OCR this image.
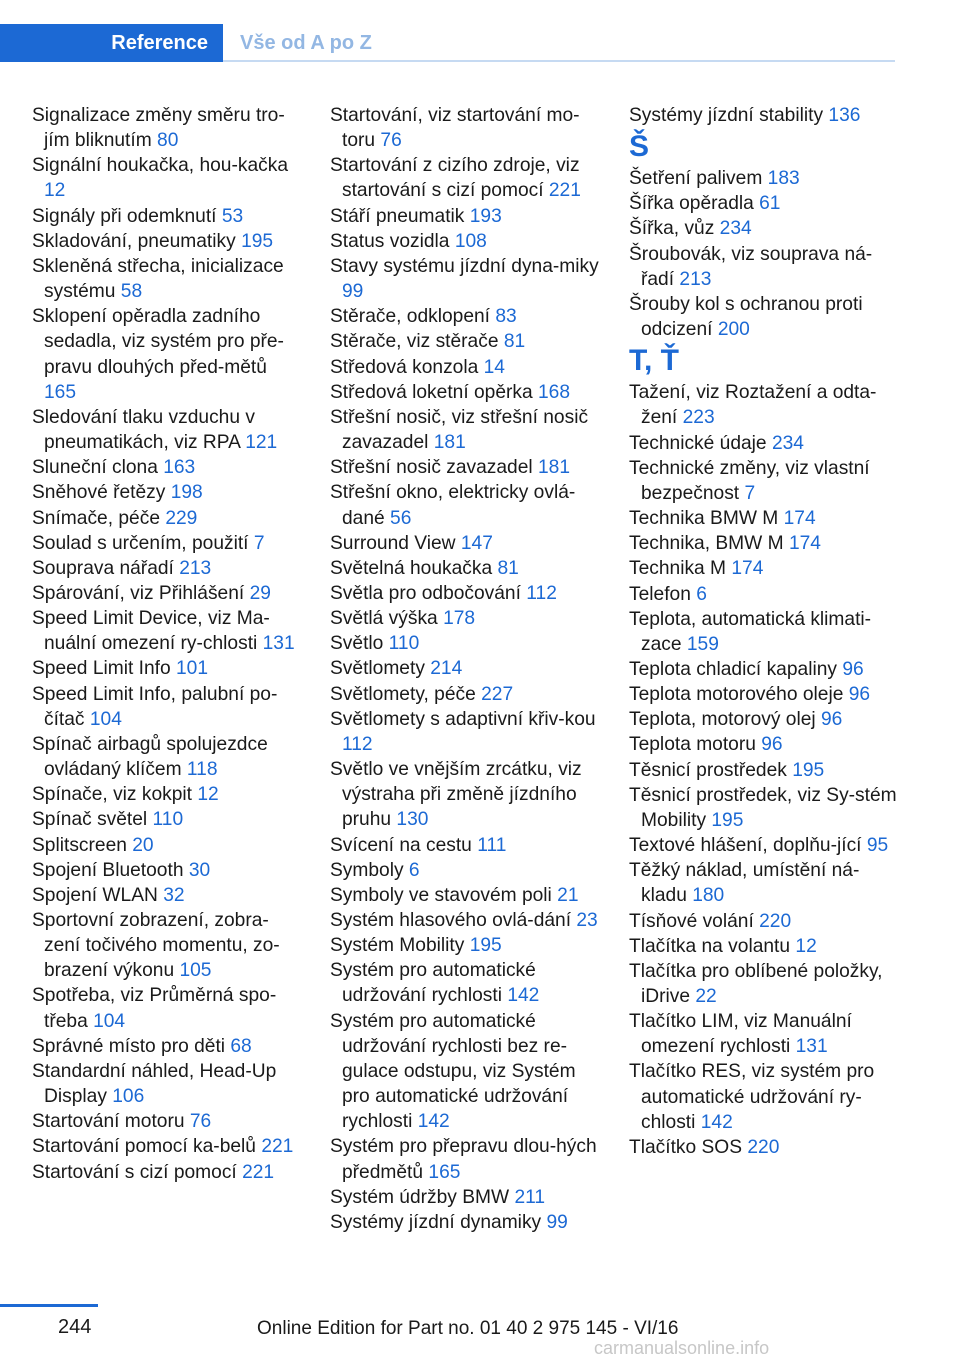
Reference	Vše od A po Z
Signalizace změny směru tro‐jím bliknutím 80
Signální houkačka, hou‐kačka 12
Signály při odemknutí 53
Skladování, pneumatiky 195
Skleněná střecha, inicializace systému 58
Sklopení opěradla zadního sedadla, viz systém pro pře‐pravu dlouhých před‐mětů 165
Sledování tlaku vzduchu v pneumatikách, viz RPA 121
Sluneční clona 163
Sněhové řetězy 198
Snímače, péče 229
Soulad s určením, použití 7
Souprava nářadí 213
Spárování, viz Přihlášení 29
Speed Limit Device, viz Ma‐nuální omezení ry‐chlosti 131
Speed Limit Info 101
Speed Limit Info, palubní po‐čítač 104
Spínač airbagů spolujezdce ovládaný klíčem 118
Spínače, viz kokpit 12
Spínač světel 110
Splitscreen 20
Spojení Bluetooth 30
Spojení WLAN 32
Sportovní zobrazení, zobra‐zení točivého momentu, zo‐brazení výkonu 105
Spotřeba, viz Průměrná spo‐třeba 104
Správné místo pro děti 68
Standardní náhled, Head-Up Display 106
Startování motoru 76
Startování pomocí ka‐belů 221
Startování s cizí pomocí 221
Startování, viz startování mo‐toru 76
Startování z cizího zdroje, viz startování s cizí pomocí 221
Stáří pneumatik 193
Status vozidla 108
Stavy systému jízdní dyna‐miky 99
Stěrače, odklopení 83
Stěrače, viz stěrače 81
Středová konzola 14
Středová loketní opěrka 168
Střešní nosič, viz střešní nosič zavazadel 181
Střešní nosič zavazadel 181
Střešní okno, elektricky ovlá‐dané 56
Surround View 147
Světelná houkačka 81
Světla pro odbočování 112
Světlá výška 178
Světlo 110
Světlomety 214
Světlomety, péče 227
Světlomety s adaptivní křiv‐kou 112
Světlo ve vnějším zrcátku, viz výstraha při změně jízdního pruhu 130
Svícení na cestu 111
Symboly 6
Symboly ve stavovém poli 21
Systém hlasového ovlá‐dání 23
Systém Mobility 195
Systém pro automatické udržování rychlosti 142
Systém pro automatické udržování rychlosti bez re‐gulace odstupu, viz Systém pro automatické udržování rychlosti 142
Systém pro přepravu dlou‐hých předmětů 165
Systém údržby BMW 211
Systémy jízdní dynamiky 99
Systémy jízdní stability 136
Š
Šetření palivem 183
Šířka opěradla 61
Šířka, vůz 234
Šroubovák, viz souprava ná‐řadí 213
Šrouby kol s ochranou proti odcizení 200
T, Ť
Tažení, viz Roztažení a odta‐žení 223
Technické údaje 234
Technické změny, viz vlastní bezpečnost 7
Technika BMW M 174
Technika, BMW M 174
Technika M 174
Telefon 6
Teplota, automatická klimati‐zace 159
Teplota chladicí kapaliny 96
Teplota motorového oleje 96
Teplota, motorový olej 96
Teplota motoru 96
Těsnicí prostředek 195
Těsnicí prostředek, viz Sy‐stém Mobility 195
Textové hlášení, doplňu‐jící 95
Těžký náklad, umístění ná‐kladu 180
Tísňové volání 220
Tlačítka na volantu 12
Tlačítka pro oblíbené položky, iDrive 22
Tlačítko LIM, viz Manuální omezení rychlosti 131
Tlačítko RES, viz systém pro automatické udržování ry‐chlosti 142
Tlačítko SOS 220
244	Online Edition for Part no. 01 40 2 975 145 - VI/16
carmanualsonline.info
